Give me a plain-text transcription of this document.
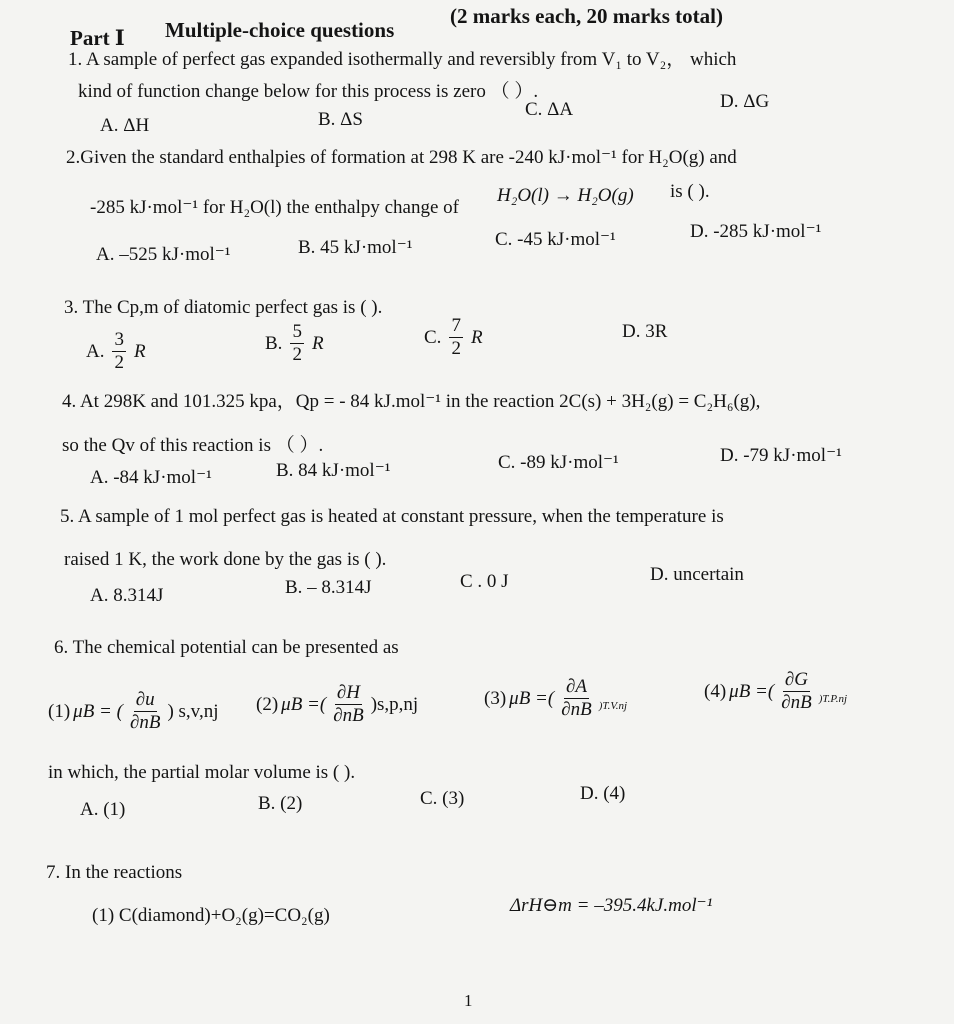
Part Ⅰ Multiple-choice questions
(2 marks each, 20 marks total)
1. A sample of perfect gas expanded isothermally and reversibly from V₁ to V₂， which
kind of function change below for this process is zero （ ）.
A. ΔH	B. ΔS	C. ΔA	D. ΔG
2.Given the standard enthalpies of formation at 298 K are -240 kJ·mol⁻¹ for H₂O(g) and
-285 kJ·mol⁻¹ for H₂O(l) the enthalpy change of
H₂O(l) → H₂O(g) is ( ).
A. –525 kJ·mol⁻¹	B. 45 kJ·mol⁻¹	C. -45 kJ·mol⁻¹	D. -285 kJ·mol⁻¹
3. The Cp,m of diatomic perfect gas is ( ).
A. $\frac{3}{2}$ R	B. $\frac{5}{2}$ R	C. $\frac{7}{2}$ R	D. 3R
4. At 298K and 101.325 kpa，Qp = - 84 kJ.mol⁻¹ in the reaction 2C(s) + 3H₂(g) = C₂H₆(g),
so the Qv of this reaction is （ ）.
A. -84 kJ·mol⁻¹	B. 84 kJ·mol⁻¹	C. -89 kJ·mol⁻¹	D. -79 kJ·mol⁻¹
5. A sample of 1 mol perfect gas is heated at constant pressure, when the temperature is
raised 1 K, the work done by the gas is ( ).
A. 8.314J	B. – 8.314J	C . 0 J	D. uncertain
6. The chemical potential can be presented as
(1) μB = ( $\frac{\partial u}{\partial nB}$ ) s,v,nj (2) μB =( $\frac{\partial H}{\partial nB} )s,p,nj$	(3) μB =( $\frac{\partial A}{\partial nB} )T.V.nj$
(4) μB =( $\frac{\partial G}{\partial nB} )T.P.nj$
in which, the partial molar volume is ( ).
A. (1)	B. (2)	C. (3)	D. (4)
7. In the reactions
(1) C(diamond)+O₂(g)=CO₂(g)	ΔrH⊖m = –395.4kJ.mol⁻¹
1
